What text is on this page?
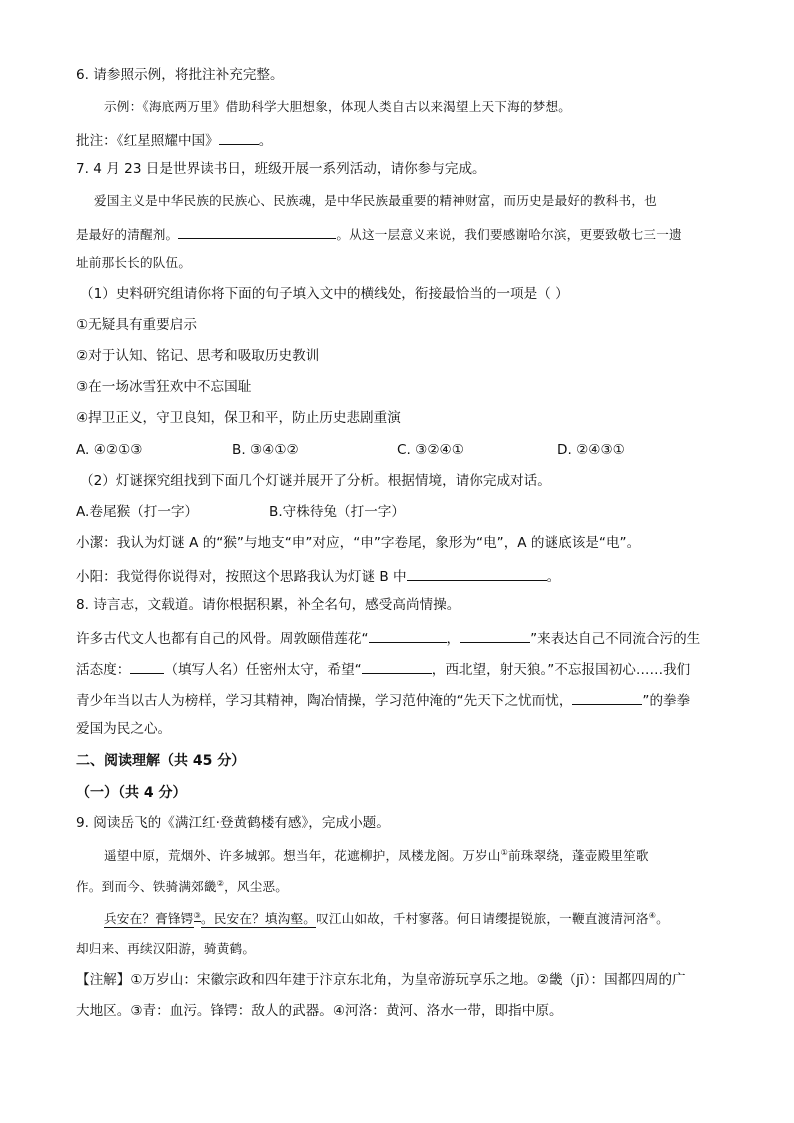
6. 请参照示例，将批注补充完整。
示例：《海底两万里》借助科学大胆想象，体现人类自古以来渴望上天下海的梦想。
批注：《红星照耀中国》	。
7. 4 月 23 日是世界读书日，班级开展一系列活动，请你参与完成。
爱国主义是中华民族的民族心、民族魂，是中华民族最重要的精神财富，而历史是最好的教科书，也
是最好的清醒剂。	。从这一层意义来说，我们要感谢哈尔滨，更要致敬七三一遗
址前那长长的队伍。
（1）史料研究组请你将下面的句子填入文中的横线处，衔接最恰当的一项是（ ）
①无疑具有重要启示
②对于认知、铭记、思考和吸取历史教训
③在一场冰雪狂欢中不忘国耻
④捍卫正义，守卫良知，保卫和平，防止历史悲剧重演
A. ④②①③	B. ③④①②	C. ③②④①	D. ②④③①
（2）灯谜探究组找到下面几个灯谜并展开了分析。根据情境，请你完成对话。
A.卷尾猴（打一字）	B.守株待兔（打一字）
小潔：我认为灯谜 A 的“猴”与地支“申”对应，“申”字卷尾，象形为“电”，A 的谜底该是“电”。
小阳：我觉得你说得对，按照这个思路我认为灯谜 B 中	。
8. 诗言志，文载道。请你根据积累，补全名句，感受高尚情操。
许多古代文人也都有自己的风骨。周敦颐借莲花“	，	”来表达自己不同流合污的生
活态度：	（填写人名）任密州太守，希望“	，西北望，射天狼。”不忘报国初心……我们
青少年当以古人为榜样，学习其精神，陶冶情操，学习范仲淹的“先天下之忧而忧，	”的拳拳
爱国为民之心。
二、阅读理解（共 45 分）
（一）（共 4 分）
9. 阅读岳飞的《满江红·登黄鹤楼有感》，完成小题。
遥望中原，荒烟外、许多城郭。想当年，花遮柳护，凤楼龙阁。万岁山①前珠翠绕，蓬壶殿里笙歌
作。到而今、铁骑满郊畿②，风尘恶。
兵安在？膏锋锷③。民安在？填沟壑。叹江山如故，千村寥落。何日请缨提锐旅，一鞭直渡清河洛④。
却归来、再续汉阳游，骑黄鹤。
【注解】①万岁山：宋徽宗政和四年建于汴京东北角，为皇帝游玩享乐之地。②畿（jī）：国都四周的广
大地区。③青：血污。锋锷：敌人的武器。④河洛：黄河、洛水一带，即指中原。
